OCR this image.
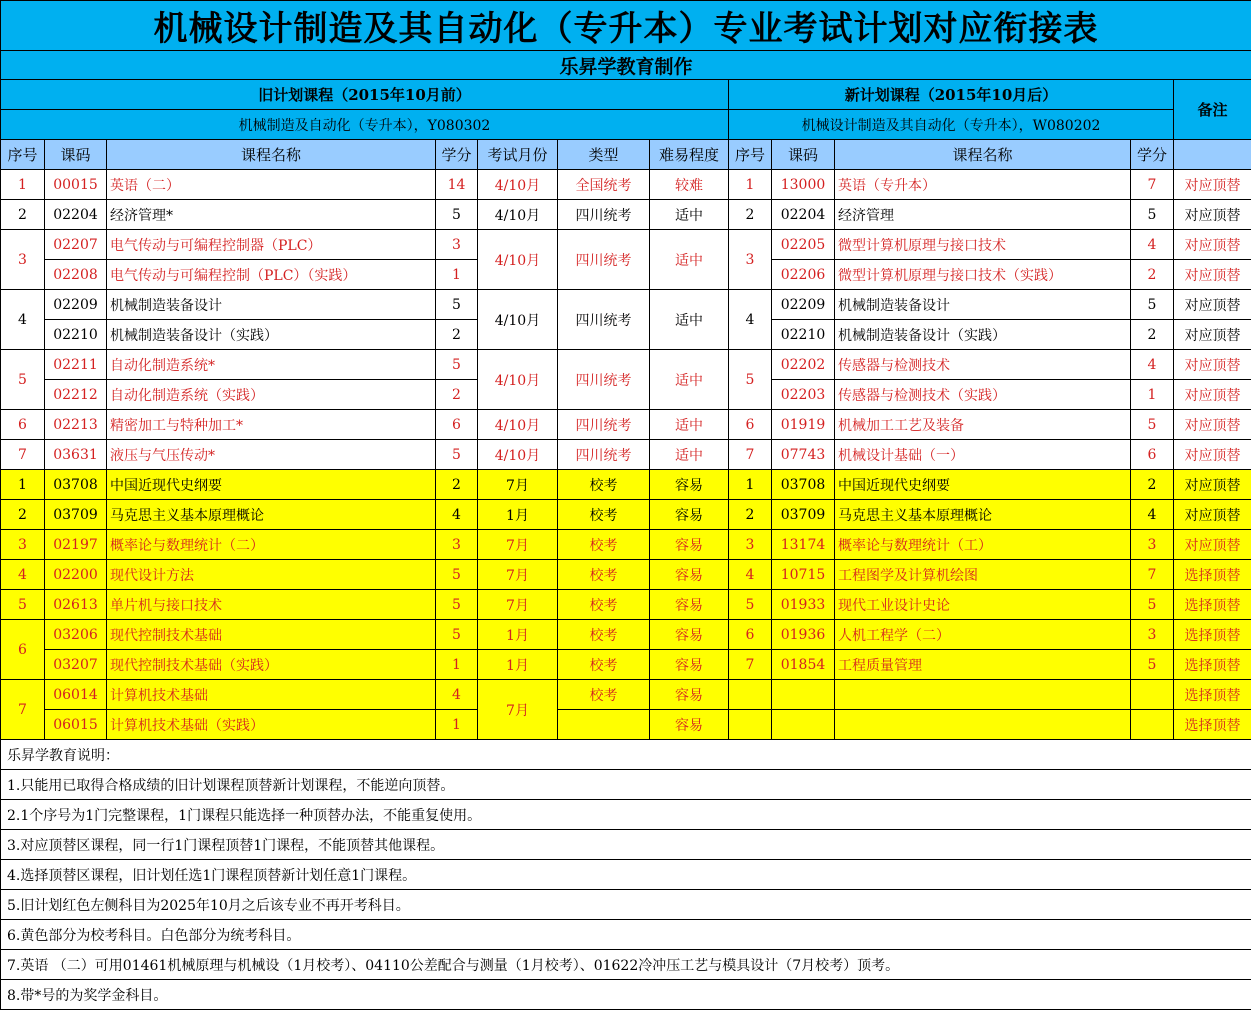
机械设计制造及其自动化（专升本）专业考试计划对应衔接表											
乐昇学教育制作											
旧计划课程（2015年10月前）							新计划课程（2015年10月后）				备注
机械制造及自动化（专升本），Y080302							机械设计制造及其自动化（专升本），W080202				
序号	课码	课程名称	学分	考试月份	类型	难易程度	序号	课码	课程名称	学分	
1	00015	英语（二）	14	4/10月	全国统考	较难	1	13000	英语（专升本）	7	对应顶替
2	02204	经济管理*	5	4/10月	四川统考	适中	2	02204	经济管理	5	对应顶替
3	02207	电气传动与可编程控制器（PLC）	3	4/10月	四川统考	适中	3	02205	微型计算机原理与接口技术	4	对应顶替
	02208	电气传动与可编程控制（PLC）（实践）	1					02206	微型计算机原理与接口技术（实践）	2	对应顶替
4	02209	机械制造装备设计	5	4/10月	四川统考	适中	4	02209	机械制造装备设计	5	对应顶替
	02210	机械制造装备设计（实践）	2					02210	机械制造装备设计（实践）	2	对应顶替
5	02211	自动化制造系统*	5	4/10月	四川统考	适中	5	02202	传感器与检测技术	4	对应顶替
	02212	自动化制造系统（实践）	2					02203	传感器与检测技术（实践）	1	对应顶替
6	02213	精密加工与特种加工*	6	4/10月	四川统考	适中	6	01919	机械加工工艺及装备	5	对应顶替
7	03631	液压与气压传动*	5	4/10月	四川统考	适中	7	07743	机械设计基础（一）	6	对应顶替
1	03708	中国近现代史纲要	2	7月	校考	容易	1	03708	中国近现代史纲要	2	对应顶替
2	03709	马克思主义基本原理概论	4	1月	校考	容易	2	03709	马克思主义基本原理概论	4	对应顶替
3	02197	概率论与数理统计（二）	3	7月	校考	容易	3	13174	概率论与数理统计（工）	3	对应顶替
4	02200	现代设计方法	5	7月	校考	容易	4	10715	工程图学及计算机绘图	7	选择顶替
5	02613	单片机与接口技术	5	7月	校考	容易	5	01933	现代工业设计史论	5	选择顶替
6	03206	现代控制技术基础	5	1月	校考	容易	6	01936	人机工程学（二）	3	选择顶替
	03207	现代控制技术基础（实践）	1	1月	校考	容易	7	01854	工程质量管理	5	选择顶替
7	06014	计算机技术基础	4	7月	校考	容易					选择顶替
	06015	计算机技术基础（实践）	1			容易					选择顶替
乐昇学教育说明：											
1.只能用已取得合格成绩的旧计划课程顶替新计划课程，不能逆向顶替。											
2.1个序号为1门完整课程，1门课程只能选择一种顶替办法，不能重复使用。											
3.对应顶替区课程，同一行1门课程顶替1门课程，不能顶替其他课程。											
4.选择顶替区课程，旧计划任选1门课程顶替新计划任意1门课程。											
5.旧计划红色左侧科目为2025年10月之后该专业不再开考科目。											
6.黄色部分为校考科目。白色部分为统考科目。											
7.英语 （二）可用01461机械原理与机械设（1月校考）、04110公差配合与测量（1月校考）、01622冷冲压工艺与模具设计（7月校考）顶考。											
8.带*号的为奖学金科目。											
